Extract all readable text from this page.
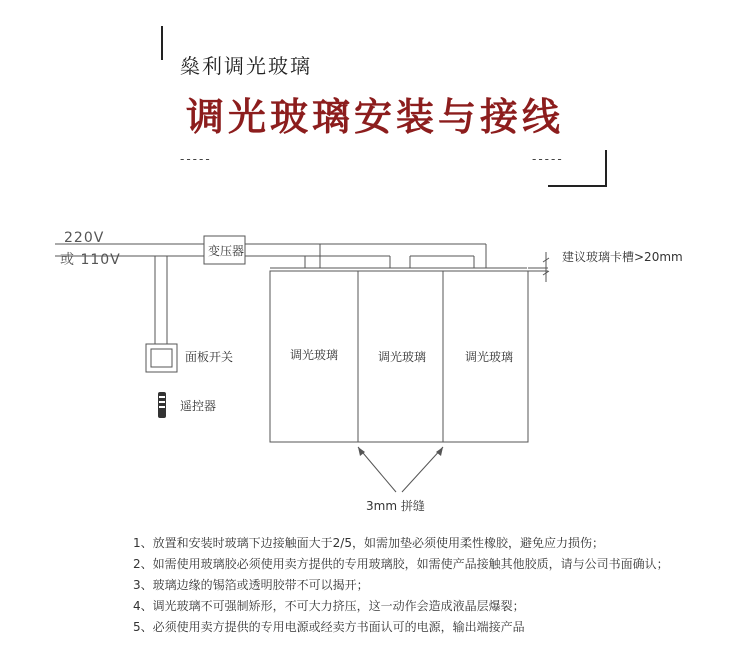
燊利调光玻璃
调光玻璃安装与接线
-----	-----
220V
或 110V
变压器
面板开关
遥控器
调光玻璃	调光玻璃	调光玻璃
建议玻璃卡槽>20mm
3mm 拼缝
1、放置和安装时玻璃下边接触面大于2/5，如需加垫必须使用柔性橡胶，避免应力损伤；
2、如需使用玻璃胶必须使用卖方提供的专用玻璃胶，如需使产品接触其他胶质，请与公司书面确认；
3、玻璃边缘的锡箔或透明胶带不可以揭开；
4、调光玻璃不可强制矫形，不可大力挤压，这一动作会造成液晶层爆裂；
5、必须使用卖方提供的专用电源或经卖方书面认可的电源，输出端接产品
